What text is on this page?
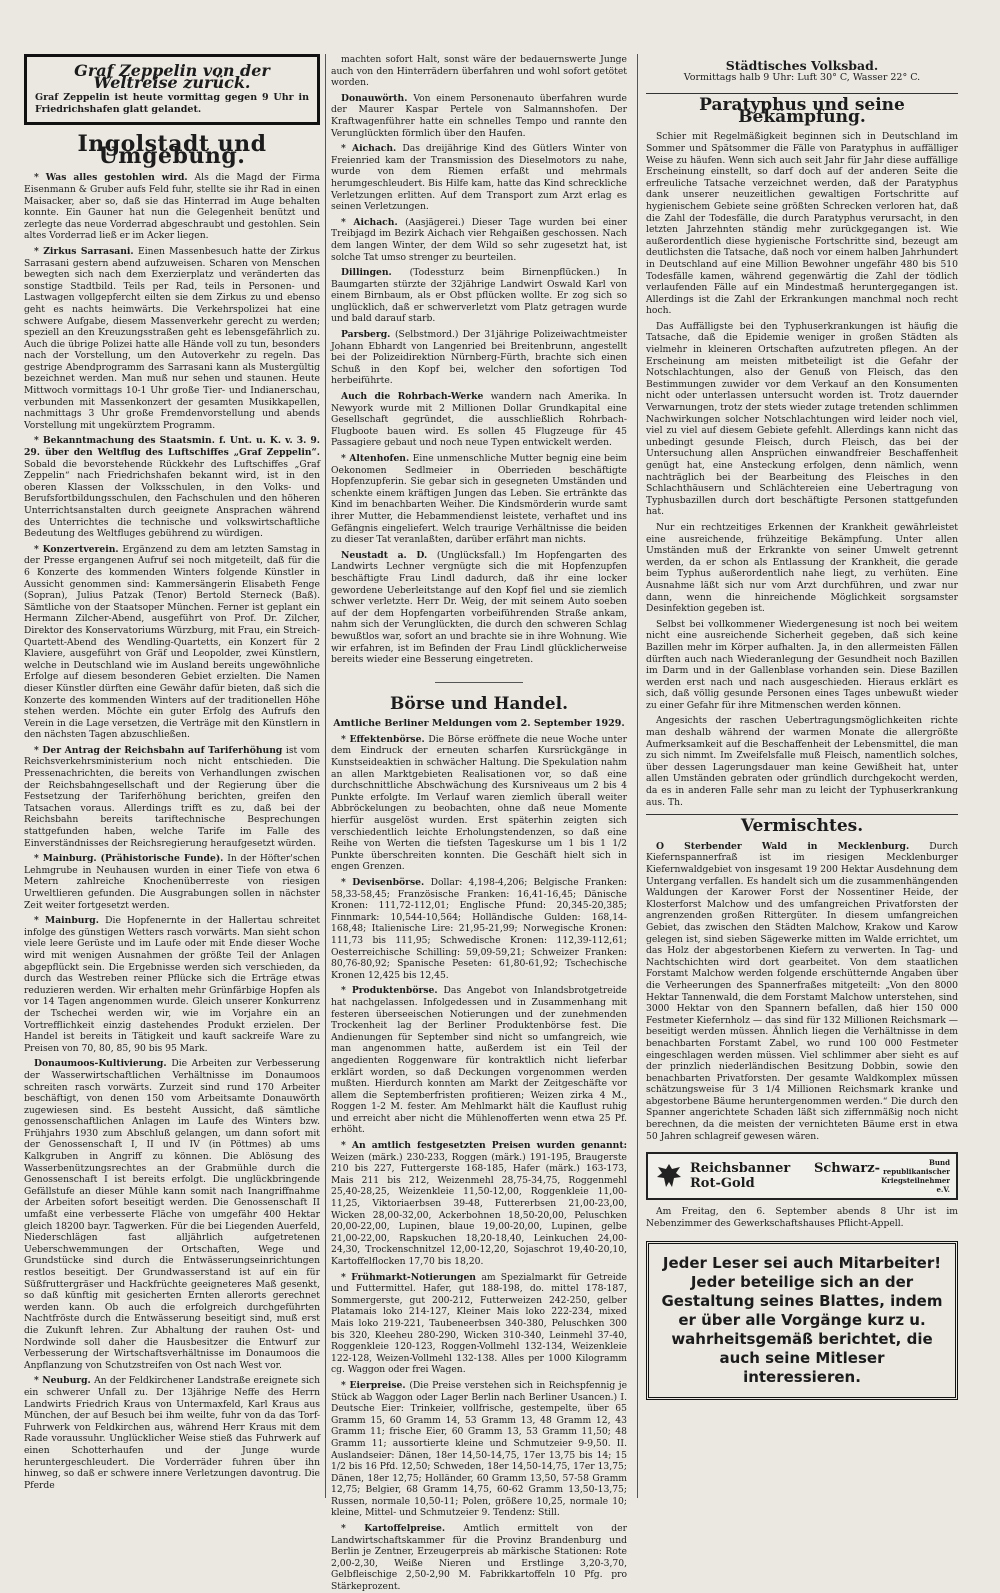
Graf Zeppelin von der Weltreise zurück.
Graf Zeppelin ist heute vormittag gegen 9 Uhr in Friedrichshafen glatt gelandet.
Ingolstadt und Umgebung.

* Was alles gestohlen wird. Als die Magd der Firma Eisenmann & Gruber aufs Feld fuhr, stellte sie ihr Rad in einen Maisacker, aber so, daß sie das Hinterrad im Auge behalten konnte. Ein Gauner hat nun die Gelegenheit benützt und zerlegte das neue Vorderrad abgeschraubt und gestohlen. Sein altes Vorderrad ließ er im Acker liegen.

* Zirkus Sarrasani. Einen Massenbesuch hatte der Zirkus Sarrasani gestern abend aufzuweisen. Scharen von Menschen bewegten sich nach dem Exerzierplatz und veränderten das sonstige Stadtbild. Teils per Rad, teils in Personen- und Lastwagen vollgepfercht eilten sie dem Zirkus zu und ebenso geht es nachts heimwärts. Die Verkehrspolizei hat eine schwere Aufgabe, diesem Massenverkehr gerecht zu werden; speziell an den Kreuzungsstraßen geht es lebensgefährlich zu. Auch die übrige Polizei hatte alle Hände voll zu tun, besonders nach der Vorstellung, um den Autoverkehr zu regeln. Das gestrige Abendprogramm des Sarrasani kann als Mustergültig bezeichnet werden. Man muß nur sehen und staunen. Heute Mittwoch vormittags 10-1 Uhr große Tier- und Indianerschau, verbunden mit Massenkonzert der gesamten Musikkapellen, nachmittags 3 Uhr große Fremdenvorstellung und abends Vorstellung mit ungekürztem Programm.

* Bekanntmachung des Staatsmin. f. Unt. u. K. v. 3. 9. 29. über den Weltflug des Luftschiffes „Graf Zeppelin“. Sobald die bevorstehende Rückkehr des Luftschiffes „Graf Zeppelin“ nach Friedrichshafen bekannt wird, ist in den oberen Klassen der Volksschulen, in den Volks- und Berufsfortbildungsschulen, den Fachschulen und den höheren Unterrichtsanstalten durch geeignete Ansprachen während des Unterrichtes die technische und volkswirtschaftliche Bedeutung des Weltfluges gebührend zu würdigen.

* Konzertverein. Ergänzend zu dem am letzten Samstag in der Presse ergangenen Aufruf sei noch mitgeteilt, daß für die 6 Konzerte des kommenden Winters folgende Künstler in Aussicht genommen sind: Kammersängerin Elisabeth Fenge (Sopran), Julius Patzak (Tenor) Bertold Sterneck (Baß). Sämtliche von der Staatsoper München. Ferner ist geplant ein Hermann Zilcher-Abend, ausgeführt von Prof. Dr. Zilcher, Direktor des Konservatoriums Würzburg, mit Frau, ein Streich-Quartett-Abend des Wendling-Quartetts, ein Konzert für 2 Klaviere, ausgeführt von Gräf und Leopolder, zwei Künstlern, welche in Deutschland wie im Ausland bereits ungewöhnliche Erfolge auf diesem besonderen Gebiet erzielten. Die Namen dieser Künstler dürften eine Gewähr dafür bieten, daß sich die Konzerte des kommenden Winters auf der traditionellen Höhe stehen werden. Möchte ein guter Erfolg des Aufrufs den Verein in die Lage versetzen, die Verträge mit den Künstlern in den nächsten Tagen abzuschließen.

* Der Antrag der Reichsbahn auf Tariferhöhung ist vom Reichsverkehrsministerium noch nicht entschieden. Die Pressenachrichten, die bereits von Verhandlungen zwischen der Reichsbahngesellschaft und der Regierung über die Festsetzung der Tariferhöhung berichten, greifen den Tatsachen voraus. Allerdings trifft es zu, daß bei der Reichsbahn bereits tariftechnische Besprechungen stattgefunden haben, welche Tarife im Falle des Einverständnisses der Reichsregierung heraufgesetzt würden.

* Mainburg. (Prähistorische Funde). In der Höfter'schen Lehmgrube in Neuhausen wurden in einer Tiefe von etwa 6 Metern zahlreiche Knochenüberreste von riesigen Urweltlieren gefunden. Die Ausgrabungen sollen in nächster Zeit weiter fortgesetzt werden.

* Mainburg. Die Hopfenernte in der Hallertau schreitet infolge des günstigen Wetters rasch vorwärts. Man sieht schon viele leere Gerüste und im Laufe oder mit Ende dieser Woche wird mit wenigen Ausnahmen der größte Teil der Anlagen abgepflückt sein. Die Ergebnisse werden sich verschieden, da durch das Westreben reiner Pflücke sich die Erträge etwas reduzieren werden. Wir erhalten mehr Grünfärbige Hopfen als vor 14 Tagen angenommen wurde. Gleich unserer Konkurrenz der Tschechei werden wir, wie im Vorjahre ein an Vortrefflichkeit einzig dastehendes Produkt erzielen. Der Handel ist bereits in Tätigkeit und kauft sackreife Ware zu Preisen von 70, 80, 85, 90 bis 95 Mark.

Donaumoos-Kultivierung. Die Arbeiten zur Verbesserung der Wasserwirtschaftlichen Verhältnisse im Donaumoos schreiten rasch vorwärts. Zurzeit sind rund 170 Arbeiter beschäftigt, von denen 150 vom Arbeitsamte Donauwörth zugewiesen sind. Es besteht Aussicht, daß sämtliche genossenschaftlichen Anlagen im Laufe des Winters bzw. Frühjahrs 1930 zum Abschluß gelangen, um dann sofort mit der Genossenschaft I, II und IV (in Pöttmes) ab ums Kalkgruben in Angriff zu können. Die Ablösung des Wasserbenützungsrechtes an der Grabmühle durch die Genossenschaft I ist bereits erfolgt. Die unglückbringende Gefällstufe an dieser Mühle kann somit nach Inangriffnahme der Arbeiten sofort beseitigt werden. Die Genossenschaft II umfaßt eine verbesserte Fläche von umgefähr 400 Hektar gleich 18200 bayr. Tagwerken. Für die bei Liegenden Auerfeld, Niederschlägen fast alljährlich aufgetretenen Ueberschwemmungen der Ortschaften, Wege und Grundstücke sind durch die Entwässerungseinrichtungen restlos beseitigt. Der Grundwasserstand ist auf ein für Süßfruttergräser und Hackfrüchte geeigneteres Maß gesenkt, so daß künftig mit gesicherten Ernten allerorts gerechnet werden kann. Ob auch die erfolgreich durchgeführten Nachtfröste durch die Entwässerung beseitigt sind, muß erst die Zukunft lehren. Zur Abhaltung der rauhen Ost- und Nordwinde soll daher die Hausbesitzer die Entwurf zur Verbesserung der Wirtschaftsverhältnisse im Donaumoos die Anpflanzung von Schutzstreifen von Ost nach West vor.

* Neuburg. An der Feldkirchener Landstraße ereignete sich ein schwerer Unfall zu. Der 13jährige Neffe des Herrn Landwirts Friedrich Kraus von Untermaxfeld, Karl Kraus aus München, der auf Besuch bei ihm weilte, fuhr von da das Torf-Fuhrwerk von Feldkirchen aus, während Herr Kraus mit dem Rade voraussuhr. Unglücklicher Weise stieß das Fuhrwerk auf einen Schotterhaufen und der Junge wurde heruntergeschleudert. Die Vorderräder fuhren über ihn hinweg, so daß er schwere innere Verletzungen davontrug. Die Pferde

machten sofort Halt, sonst wäre der bedauernswerte Junge auch von den Hinterrädern überfahren und wohl sofort getötet worden.

Donauwörth. Von einem Personenauto überfahren wurde der Maurer Kaspar Pertele von Salmannshofen. Der Kraftwagenführer hatte ein schnelles Tempo und rannte den Verunglückten förmlich über den Haufen.

* Aichach. Das dreijährige Kind des Gütlers Winter von Freienried kam der Transmission des Dieselmotors zu nahe, wurde von dem Riemen erfaßt und mehrmals herumgeschleudert. Bis Hilfe kam, hatte das Kind schreckliche Verletzungen erlitten. Auf dem Transport zum Arzt erlag es seinen Verletzungen.

* Aichach. (Aasjägerei.) Dieser Tage wurden bei einer Treibjagd im Bezirk Aichach vier Rehgaißen geschossen. Nach dem langen Winter, der dem Wild so sehr zugesetzt hat, ist solche Tat umso strenger zu beurteilen.

Dillingen. (Todessturz beim Birnenpflücken.) In Baumgarten stürzte der 32jährige Landwirt Oswald Karl von einem Birnbaum, als er Obst pflücken wollte. Er zog sich so unglücklich, daß er schwerverletzt vom Platz getragen wurde und bald darauf starb.

Parsberg. (Selbstmord.) Der 31jährige Polizeiwachtmeister Johann Ebhardt von Langenried bei Breitenbrunn, angestellt bei der Polizeidirektion Nürnberg-Fürth, brachte sich einen Schuß in den Kopf bei, welcher den sofortigen Tod herbeiführte.

Auch die Rohrbach-Werke wandern nach Amerika. In Newyork wurde mit 2 Millionen Dollar Grundkapital eine Gesellschaft gegründet, die ausschließlich Rohrbach-Flugboote bauen wird. Es sollen 45 Flugzeuge für 45 Passagiere gebaut und noch neue Typen entwickelt werden.

* Altenhofen. Eine unmenschliche Mutter begnig eine beim Oekonomen Sedlmeier in Oberrieden beschäftigte Hopfenzupferin. Sie gebar sich in gesegneten Umständen und schenkte einem kräftigen Jungen das Leben. Sie ertränkte das Kind im benachbarten Weiher. Die Kindsmörderin wurde samt ihrer Mutter, die Hebammendienst leistete, verhaftet und ins Gefängnis eingeliefert. Welch traurige Verhältnisse die beiden zu dieser Tat veranlaßten, darüber erfährt man nichts.

Neustadt a. D. (Unglücksfall.) Im Hopfengarten des Landwirts Lechner vergnügte sich die mit Hopfenzupfen beschäftigte Frau Lindl dadurch, daß ihr eine locker gewordene Ueberleitstange auf den Kopf fiel und sie ziemlich schwer verletzte. Herr Dr. Weig, der mit seinem Auto soeben auf der dem Hopfengarten vorbeiführenden Straße ankam, nahm sich der Verunglückten, die durch den schweren Schlag bewußtlos war, sofort an und brachte sie in ihre Wohnung. Wie wir erfahren, ist im Befinden der Frau Lindl glücklicherweise bereits wieder eine Besserung eingetreten.

Börse und Handel.
Amtliche Berliner Meldungen vom 2. September 1929.

* Effektenbörse. Die Börse eröffnete die neue Woche unter dem Eindruck der erneuten scharfen Kursrückgänge in Kunstseideaktien in schwächer Haltung. Die Spekulation nahm an allen Marktgebieten Realisationen vor, so daß eine durchschnittliche Abschwächung des Kursniveaus um 2 bis 4 Punkte erfolgte. Im Verlauf waren ziemlich überall weiter Abbröckelungen zu beobachten, ohne daß neue Momente hierfür ausgelöst wurden. Erst späterhin zeigten sich verschiedentlich leichte Erholungstendenzen, so daß eine Reihe von Werten die tiefsten Tageskurse um 1 bis 1 1/2 Punkte überschreiten konnten. Die Geschäft hielt sich in engen Grenzen.

* Devisenbörse. Dollar: 4,198-4,206; Belgische Franken: 58,33-58,45; Französische Franken: 16,41-16,45; Dänische Kronen: 111,72-112,01; Englische Pfund: 20,345-20,385; Finnmark: 10,544-10,564; Holländische Gulden: 168,14-168,48; Italienische Lire: 21,95-21,99; Norwegische Kronen: 111,73 bis 111,95; Schwedische Kronen: 112,39-112,61; Oesterreichische Schilling: 59,09-59,21; Schweizer Franken: 80,76-80,92; Spanische Peseten: 61,80-61,92; Tschechische Kronen 12,425 bis 12,45.

* Produktenbörse. Das Angebot von Inlandsbrotgetreide hat nachgelassen. Infolgedessen und in Zusammenhang mit festeren überseeischen Notierungen und der zunehmenden Trockenheit lag der Berliner Produktenbörse fest. Die Andienungen für September sind nicht so umfangreich, wie man angenommen hatte, außerdem ist ein Teil der angedienten Roggenware für kontraktlich nicht lieferbar erklärt worden, so daß Deckungen vorgenommen werden mußten. Hierdurch konnten am Markt der Zeitgeschäfte vor allem die Septemberfristen profitieren; Weizen zirka 4 M., Roggen 1-2 M. fester. Am Mehlmarkt hält die Kauflust ruhig und erreicht aber nicht die Mühlenofferten wenn etwa 25 Pf. erhöht.

* An amtlich festgesetzten Preisen wurden genannt: Weizen (märk.) 230-233, Roggen (märk.) 191-195, Braugerste 210 bis 227, Futtergerste 168-185, Hafer (märk.) 163-173, Mais 211 bis 212, Weizenmehl 28,75-34,75, Roggenmehl 25,40-28,25, Weizenkleie 11,50-12,00, Roggenkleie 11,00-11,25, Viktoriaerbsen 39-48, Futtererbsen 21,00-23,00, Wicken 28,00-32,00, Ackerbohnen 18,50-20,00, Peluschken 20,00-22,00, Lupinen, blaue 19,00-20,00, Lupinen, gelbe 21,00-22,00, Rapskuchen 18,20-18,40, Leinkuchen 24,00-24,30, Trockenschnitzel 12,00-12,20, Sojaschrot 19,40-20,10, Kartoffelflocken 17,70 bis 18,20.

* Frühmarkt-Notierungen am Spezialmarkt für Getreide und Futtermittel. Hafer, gut 188-198, do. mittel 178-187, Sommergerste, gut 200-212, Futterweizen 242-250, gelber Platamais loko 214-127, Kleiner Mais loko 222-234, mixed Mais loko 219-221, Taubeneerbsen 340-380, Peluschken 300 bis 320, Kleeheu 280-290, Wicken 310-340, Leinmehl 37-40, Roggenkleie 120-123, Roggen-Vollmehl 132-134, Weizenkleie 122-128, Weizen-Vollmehl 132-138. Alles per 1000 Kilogramm cg. Waggon oder frei Wagen.

* Eierpreise. (Die Preise verstehen sich in Reichspfennig je Stück ab Waggon oder Lager Berlin nach Berliner Usancen.) I. Deutsche Eier: Trinkeier, vollfrische, gestempelte, über 65 Gramm 15, 60 Gramm 14, 53 Gramm 13, 48 Gramm 12, 43 Gramm 11; frische Eier, 60 Gramm 13, 53 Gramm 11,50; 48 Gramm 11; aussortierte kleine und Schmutzeier 9-9,50. II. Auslandseier: Dänen, 18er 14,50-14,75, 17er 13,75 bis 14; 15 1/2 bis 16 Pfd. 12,50; Schweden, 18er 14,50-14,75, 17er 13,75; Dänen, 18er 12,75; Holländer, 60 Gramm 13,50, 57-58 Gramm 12,75; Belgier, 68 Gramm 14,75, 60-62 Gramm 13,50-13,75; Russen, normale 10,50-11; Polen, größere 10,25, normale 10; kleine, Mittel- und Schmutzeier 9. Tendenz: Still.

* Kartoffelpreise. Amtlich ermittelt von der Landwirtschaftskammer für die Provinz Brandenburg und Berlin je Zentner, Erzeugerpreis ab märkische Stationen: Rote 2,00-2,30, Weiße Nieren und Erstlinge 3,20-3,70, Gelbfleischige 2,50-2,90 M. Fabrikkartoffeln 10 Pfg. pro Stärkeprozent.

Städtisches Volksbad.
Vormittags halb 9 Uhr: Luft 30° C, Wasser 22° C.
Paratyphus und seine Bekämpfung.

Schier mit Regelmäßigkeit beginnen sich in Deutschland im Sommer und Spätsommer die Fälle von Paratyphus in auffälliger Weise zu häufen. Wenn sich auch seit Jahr für Jahr diese auffällige Erscheinung einstellt, so darf doch auf der anderen Seite die erfreuliche Tatsache verzeichnet werden, daß der Paratyphus dank unserer neuzeitlichen gewaltigen Fortschritte auf hygienischem Gebiete seine größten Schrecken verloren hat, daß die Zahl der Todesfälle, die durch Paratyphus verursacht, in den letzten Jahrzehnten ständig mehr zurückgegangen ist. Wie außerordentlich diese hygienische Fortschritte sind, bezeugt am deutlichsten die Tatsache, daß noch vor einem halben Jahrhundert in Deutschland auf eine Million Bewohner ungefähr 480 bis 510 Todesfälle kamen, während gegenwärtig die Zahl der tödlich verlaufenden Fälle auf ein Mindestmaß heruntergegangen ist. Allerdings ist die Zahl der Erkrankungen manchmal noch recht hoch.

Das Auffälligste bei den Typhuserkrankungen ist häufig die Tatsache, daß die Epidemie weniger in großen Städten als vielmehr in kleineren Ortschaften aufzutreten pflegen. An der Erscheinung am meisten mitbeteiligt ist die Gefahr der Notschlachtungen, also der Genuß von Fleisch, das den Bestimmungen zuwider vor dem Verkauf an den Konsumenten nicht oder unterlassen untersucht worden ist. Trotz dauernder Verwarnungen, trotz der stets wieder zutage tretenden schlimmen Nachwirkungen solcher Notschlachtungen wird leider noch viel, viel zu viel auf diesem Gebiete gefehlt. Allerdings kann nicht das unbedingt gesunde Fleisch, durch Fleisch, das bei der Untersuchung allen Ansprüchen einwandfreier Beschaffenheit genügt hat, eine Ansteckung erfolgen, denn nämlich, wenn nachträglich bei der Bearbeitung des Fleisches in den Schlachthäusern und Schlächtereien eine Uebertragung von Typhusbazillen durch dort beschäftigte Personen stattgefunden hat.

Nur ein rechtzeitiges Erkennen der Krankheit gewährleistet eine ausreichende, frühzeitige Bekämpfung. Unter allen Umständen muß der Erkrankte von seiner Umwelt getrennt werden, da er schon als Entlassung der Krankheit, die gerade beim Typhus außerordentlich nahe liegt, zu verhüten. Eine Ausnahme läßt sich nur vom Arzt durchführen, und zwar nur dann, wenn die hinreichende Möglichkeit sorgsamster Desinfektion gegeben ist.

Selbst bei vollkommener Wiedergenesung ist noch bei weitem nicht eine ausreichende Sicherheit gegeben, daß sich keine Bazillen mehr im Körper aufhalten. Ja, in den allermeisten Fällen dürften auch nach Wiederanlegung der Gesundheit noch Bazillen im Darm und in der Gallenblase vorhanden sein. Diese Bazillen werden erst nach und nach ausgeschieden. Hieraus erklärt es sich, daß völlig gesunde Personen eines Tages unbewußt wieder zu einer Gefahr für ihre Mitmenschen werden können.

Angesichts der raschen Uebertragungsmöglichkeiten richte man deshalb während der warmen Monate die allergrößte Aufmerksamkeit auf die Beschaffenheit der Lebensmittel, die man zu sich nimmt. Im Zweifelsfalle muß Fleisch, namentlich solches, über dessen Lagerungsdauer man keine Gewißheit hat, unter allen Umständen gebraten oder gründlich durchgekocht werden, da es in anderen Falle sehr man zu leicht der Typhuserkrankung aus. Th.

Vermischtes.

O Sterbender Wald in Mecklenburg. Durch Kiefernspannerfraß ist im riesigen Mecklenburger Kiefernwaldgebiet von insgesamt 19 200 Hektar Ausdehnung dem Untergang verfallen. Es handelt sich um die zusammenhängenden Waldungen der Karower Forst der Nossentiner Heide, der Klosterforst Malchow und des umfangreichen Privatforsten der angrenzenden großen Rittergüter. In diesem umfangreichen Gebiet, das zwischen den Städten Malchow, Krakow und Karow gelegen ist, sind sieben Sägewerke mitten im Walde errichtet, um das Holz der abgestorbenen Kiefern zu verwerten. In Tag- und Nachtschichten wird dort gearbeitet. Von dem staatlichen Forstamt Malchow werden folgende erschütternde Angaben über die Verheerungen des Spannerfraßes mitgeteilt: „Von den 8000 Hektar Tannenwald, die dem Forstamt Malchow unterstehen, sind 3000 Hektar von den Spannern befallen, daß hier 150 000 Festmeter Kiefernholz — das sind für 132 Millionen Reichsmark — beseitigt werden müssen. Ähnlich liegen die Verhältnisse in dem benachbarten Forstamt Zabel, wo rund 100 000 Festmeter eingeschlagen werden müssen. Viel schlimmer aber sieht es auf der prinzlich niederländischen Besitzung Dobbin, sowie den benachbarten Privatforsten. Der gesamte Waldkomplex müssen schätzungsweise für 3 1/4 Millionen Reichsmark kranke und abgestorbene Bäume heruntergenommen werden.“ Die durch den Spanner angerichtete Schaden läßt sich ziffernmäßig noch nicht berechnen, da die meisten der vernichteten Bäume erst in etwa 50 Jahren schlagreif gewesen wären.

Reichsbanner Schwarz-Rot-Gold
Bund republikanischer Kriegsteilnehmer e.V.

Am Freitag, den 6. September abends 8 Uhr ist im Nebenzimmer des Gewerkschaftshauses Pflicht-Appell.

Jeder Leser sei auch Mitarbeiter! Jeder beteilige sich an der Gestaltung seines Blattes, indem er über alle Vorgänge kurz u. wahrheitsgemäß berichtet, die auch seine Mitleser interessieren.
